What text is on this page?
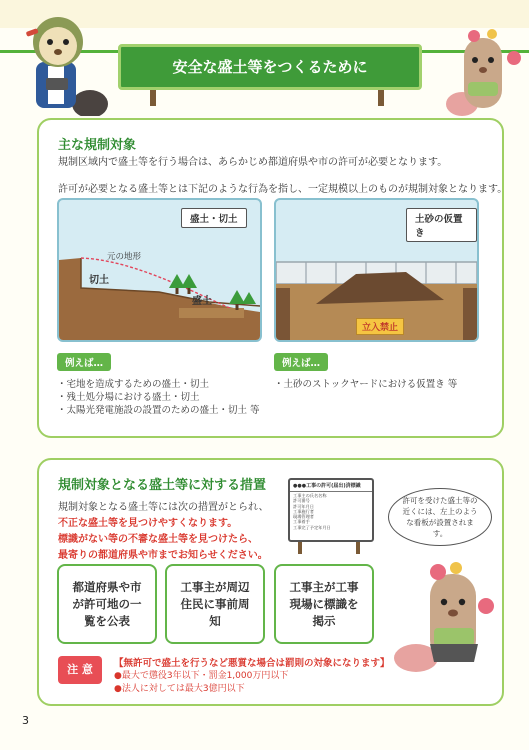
安全な盛土等をつくるために
主な規制対象
規制区域内で盛土等を行う場合は、あらかじめ都道府県や市の許可が必要となります。
許可が必要となる盛土等とは下記のような行為を指し、一定規模以上のものが規制対象となります。
盛土・切土
元の地形
切土
盛土
土砂の仮置き
立入禁止
例えば…
・宅地を造成するための盛土・切土
・残土処分場における盛土・切土
・太陽光発電施設の設置のための盛土・切土 等
例えば…
・土砂のストックヤードにおける仮置き 等
規制対象となる盛土等に対する措置
規制対象となる盛土等には次の措置がとられ、
不正な盛土等を見つけやすくなります。
標識がない等の不審な盛土等を見つけたら、
最寄りの都道府県や市までお知らせください。
●●●工事の許可(届出)済標識
工事主の氏名名称
許可番号
許可年月日
工事施行者
現場管理者
工事着手
工事完了予定年月日
許可を受けた盛土等の近くには、左上のような看板が設置されます。
都道府県や市が許可地の一覧を公表
工事主が周辺住民に事前周知
工事主が工事現場に標識を掲示
注 意	【無許可で盛土を行うなど悪質な場合は罰則の対象になります】
●最大で懲役3年以下・罰金1,000万円以下
●法人に対しては最大3億円以下
3
